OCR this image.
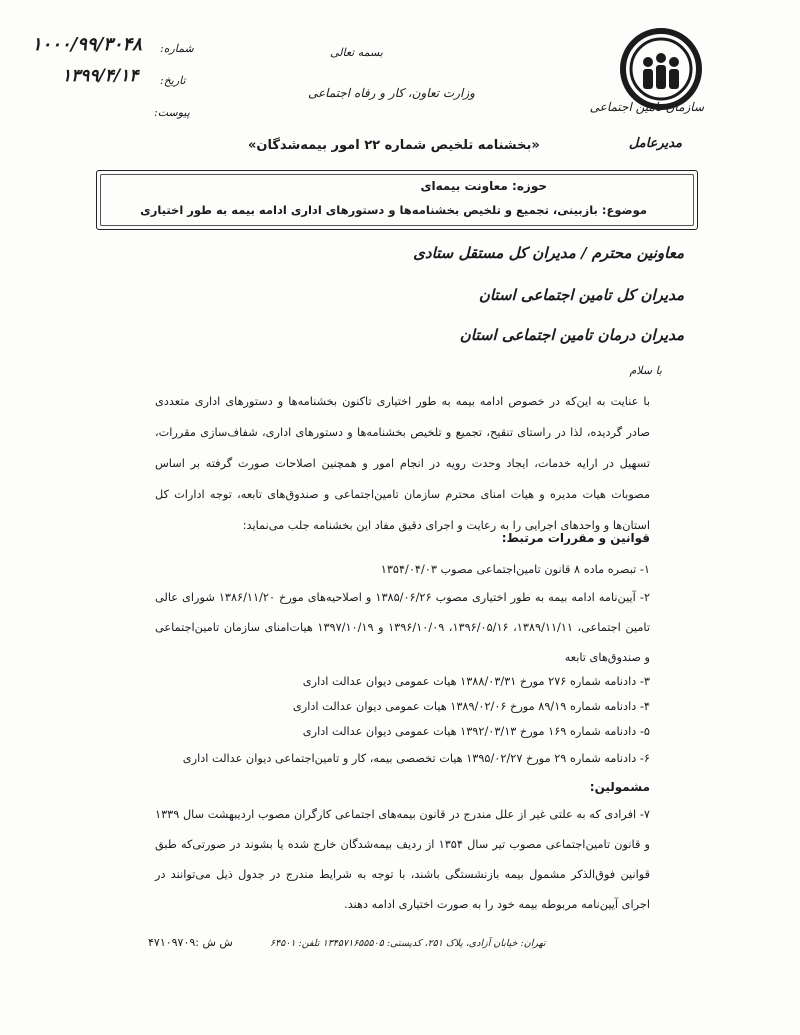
سازمان تامین اجتماعی
مدیرعامل
بسمه تعالی
وزارت تعاون، کار و رفاه اجتماعی
شماره:
۱۰۰۰/۹۹/۳۰۴۸
تاریخ:
۱۳۹۹/۴/۱۴
پیوست:
«بخشنامه تلخیص شماره ۲۲ امور بیمه‌شدگان»
حوزه: معاونت بیمه‌ای
موضوع: بازبینی، تجمیع و تلخیص بخشنامه‌ها و دستورهای اداری ادامه بیمه به طور اختیاری
معاونین محترم / مدیران کل مستقل ستادی
مدیران کل تامین اجتماعی استان
مدیران درمان تامین اجتماعی استان
با سلام
با عنایت به این‌که در خصوص ادامه بیمه به طور اختیاری تاکنون بخشنامه‌ها و دستورهای اداری متعددی صادر گردیده، لذا در راستای تنقیح، تجمیع و تلخیص بخشنامه‌ها و دستورهای اداری، شفاف‌سازی مقررات، تسهیل در ارایه خدمات، ایجاد وحدت رویه در انجام امور و همچنین اصلاحات صورت گرفته بر اساس مصوبات هیات مدیره و هیات امنای محترم سازمان تامین‌اجتماعی و صندوق‌های تابعه، توجه ادارات کل استان‌ها و واحدهای اجرایی را به رعایت و اجرای دقیق مفاد این بخشنامه جلب می‌نماید:
قوانین و مقررات مرتبط:
۱- تبصره ماده ۸ قانون تامین‌اجتماعی مصوب ۱۳۵۴/۰۴/۰۳
۲- آیین‌نامه ادامه بیمه به طور اختیاری مصوب ۱۳۸۵/۰۶/۲۶ و اصلاحیه‌های مورخ ۱۳۸۶/۱۱/۲۰ شورای عالی تامین اجتماعی، ۱۳۸۹/۱۱/۱۱، ۱۳۹۶/۰۵/۱۶، ۱۳۹۶/۱۰/۰۹ و ۱۳۹۷/۱۰/۱۹ هیات‌امنای سازمان تامین‌اجتماعی و صندوق‌های تابعه
۳- دادنامه شماره ۲۷۶ مورخ ۱۳۸۸/۰۳/۳۱ هیات عمومی دیوان عدالت اداری
۴- دادنامه شماره ۸۹/۱۹ مورخ ۱۳۸۹/۰۲/۰۶ هیات عمومی دیوان عدالت اداری
۵- دادنامه شماره ۱۶۹ مورخ ۱۳۹۲/۰۳/۱۳ هیات عمومی دیوان عدالت اداری
۶- دادنامه شماره ۲۹ مورخ ۱۳۹۵/۰۲/۲۷ هیات تخصصی بیمه، کار و تامین‌اجتماعی دیوان عدالت اداری
مشمولین:
۷- افرادی که به علتی غیر از علل مندرج در قانون بیمه‌های اجتماعی کارگران مصوب اردیبهشت سال ۱۳۳۹ و قانون تامین‌اجتماعی مصوب تیر سال ۱۳۵۴ از ردیف بیمه‌شدگان خارج شده یا بشوند در صورتی‌که طبق قوانین فوق‌الذکر مشمول بیمه بازنشستگی باشند، با توجه به شرایط مندرج در جدول ذیل می‌توانند در اجرای آیین‌نامه مربوطه بیمه خود را به صورت اختیاری ادامه دهند.
تهران: خیابان آزادی، پلاک ۲۵۱، کدپستی: ۱۳۴۵۷۱۶۵۵۵۰۵ تلفن: ۶۴۵۰۱
ش ش :۴۷۱۰۹۷۰۹
